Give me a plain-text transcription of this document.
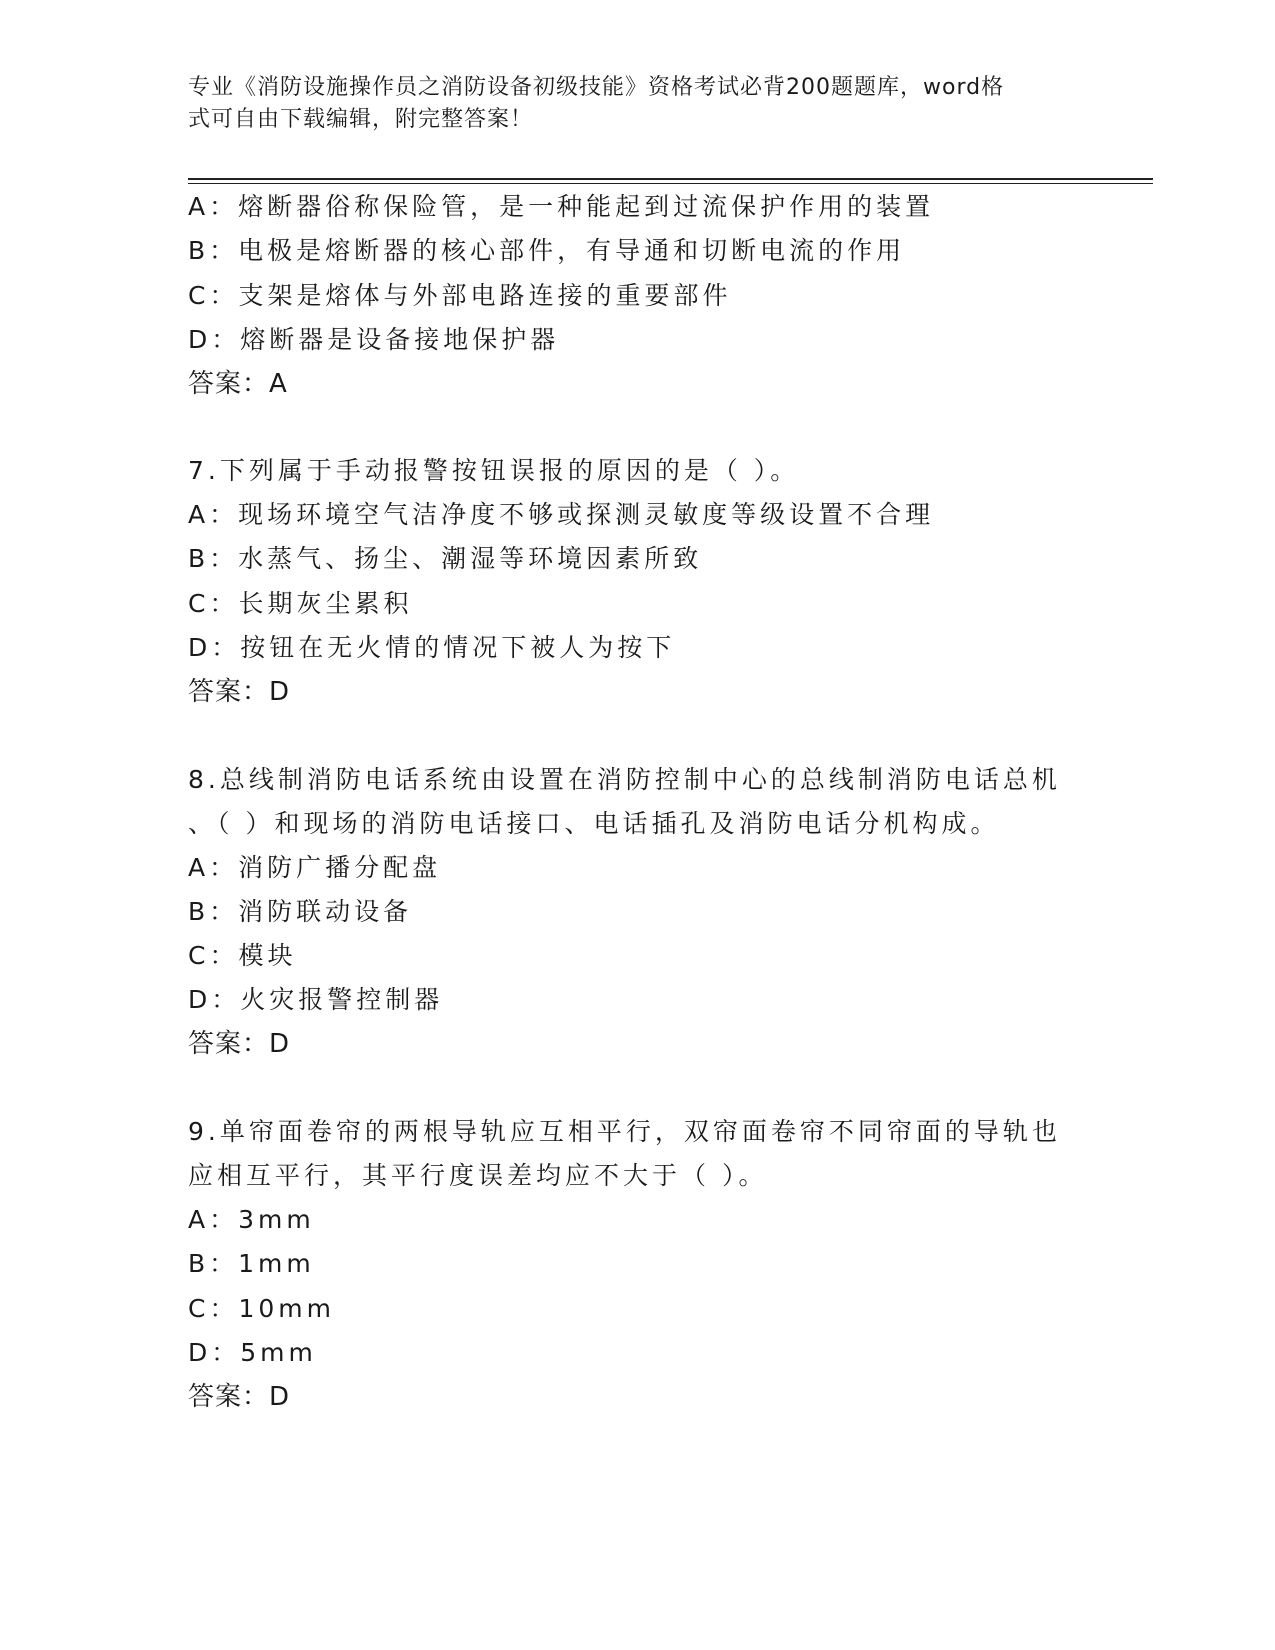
专业《消防设施操作员之消防设备初级技能》资格考试必背200题题库，word格
式可自由下载编辑，附完整答案！
A：熔断器俗称保险管，是一种能起到过流保护作用的装置
B：电极是熔断器的核心部件，有导通和切断电流的作用
C：支架是熔体与外部电路连接的重要部件
D：熔断器是设备接地保护器
答案：A
7.下列属于手动报警按钮误报的原因的是（ ）。
A：现场环境空气洁净度不够或探测灵敏度等级设置不合理
B：水蒸气、扬尘、潮湿等环境因素所致
C：长期灰尘累积
D：按钮在无火情的情况下被人为按下
答案：D
8.总线制消防电话系统由设置在消防控制中心的总线制消防电话总机
、（ ）和现场的消防电话接口、电话插孔及消防电话分机构成。
A：消防广播分配盘
B：消防联动设备
C：模块
D：火灾报警控制器
答案：D
9.单帘面卷帘的两根导轨应互相平行，双帘面卷帘不同帘面的导轨也
应相互平行，其平行度误差均应不大于（ ）。
A：3mm
B：1mm
C：10mm
D：5mm
答案：D
